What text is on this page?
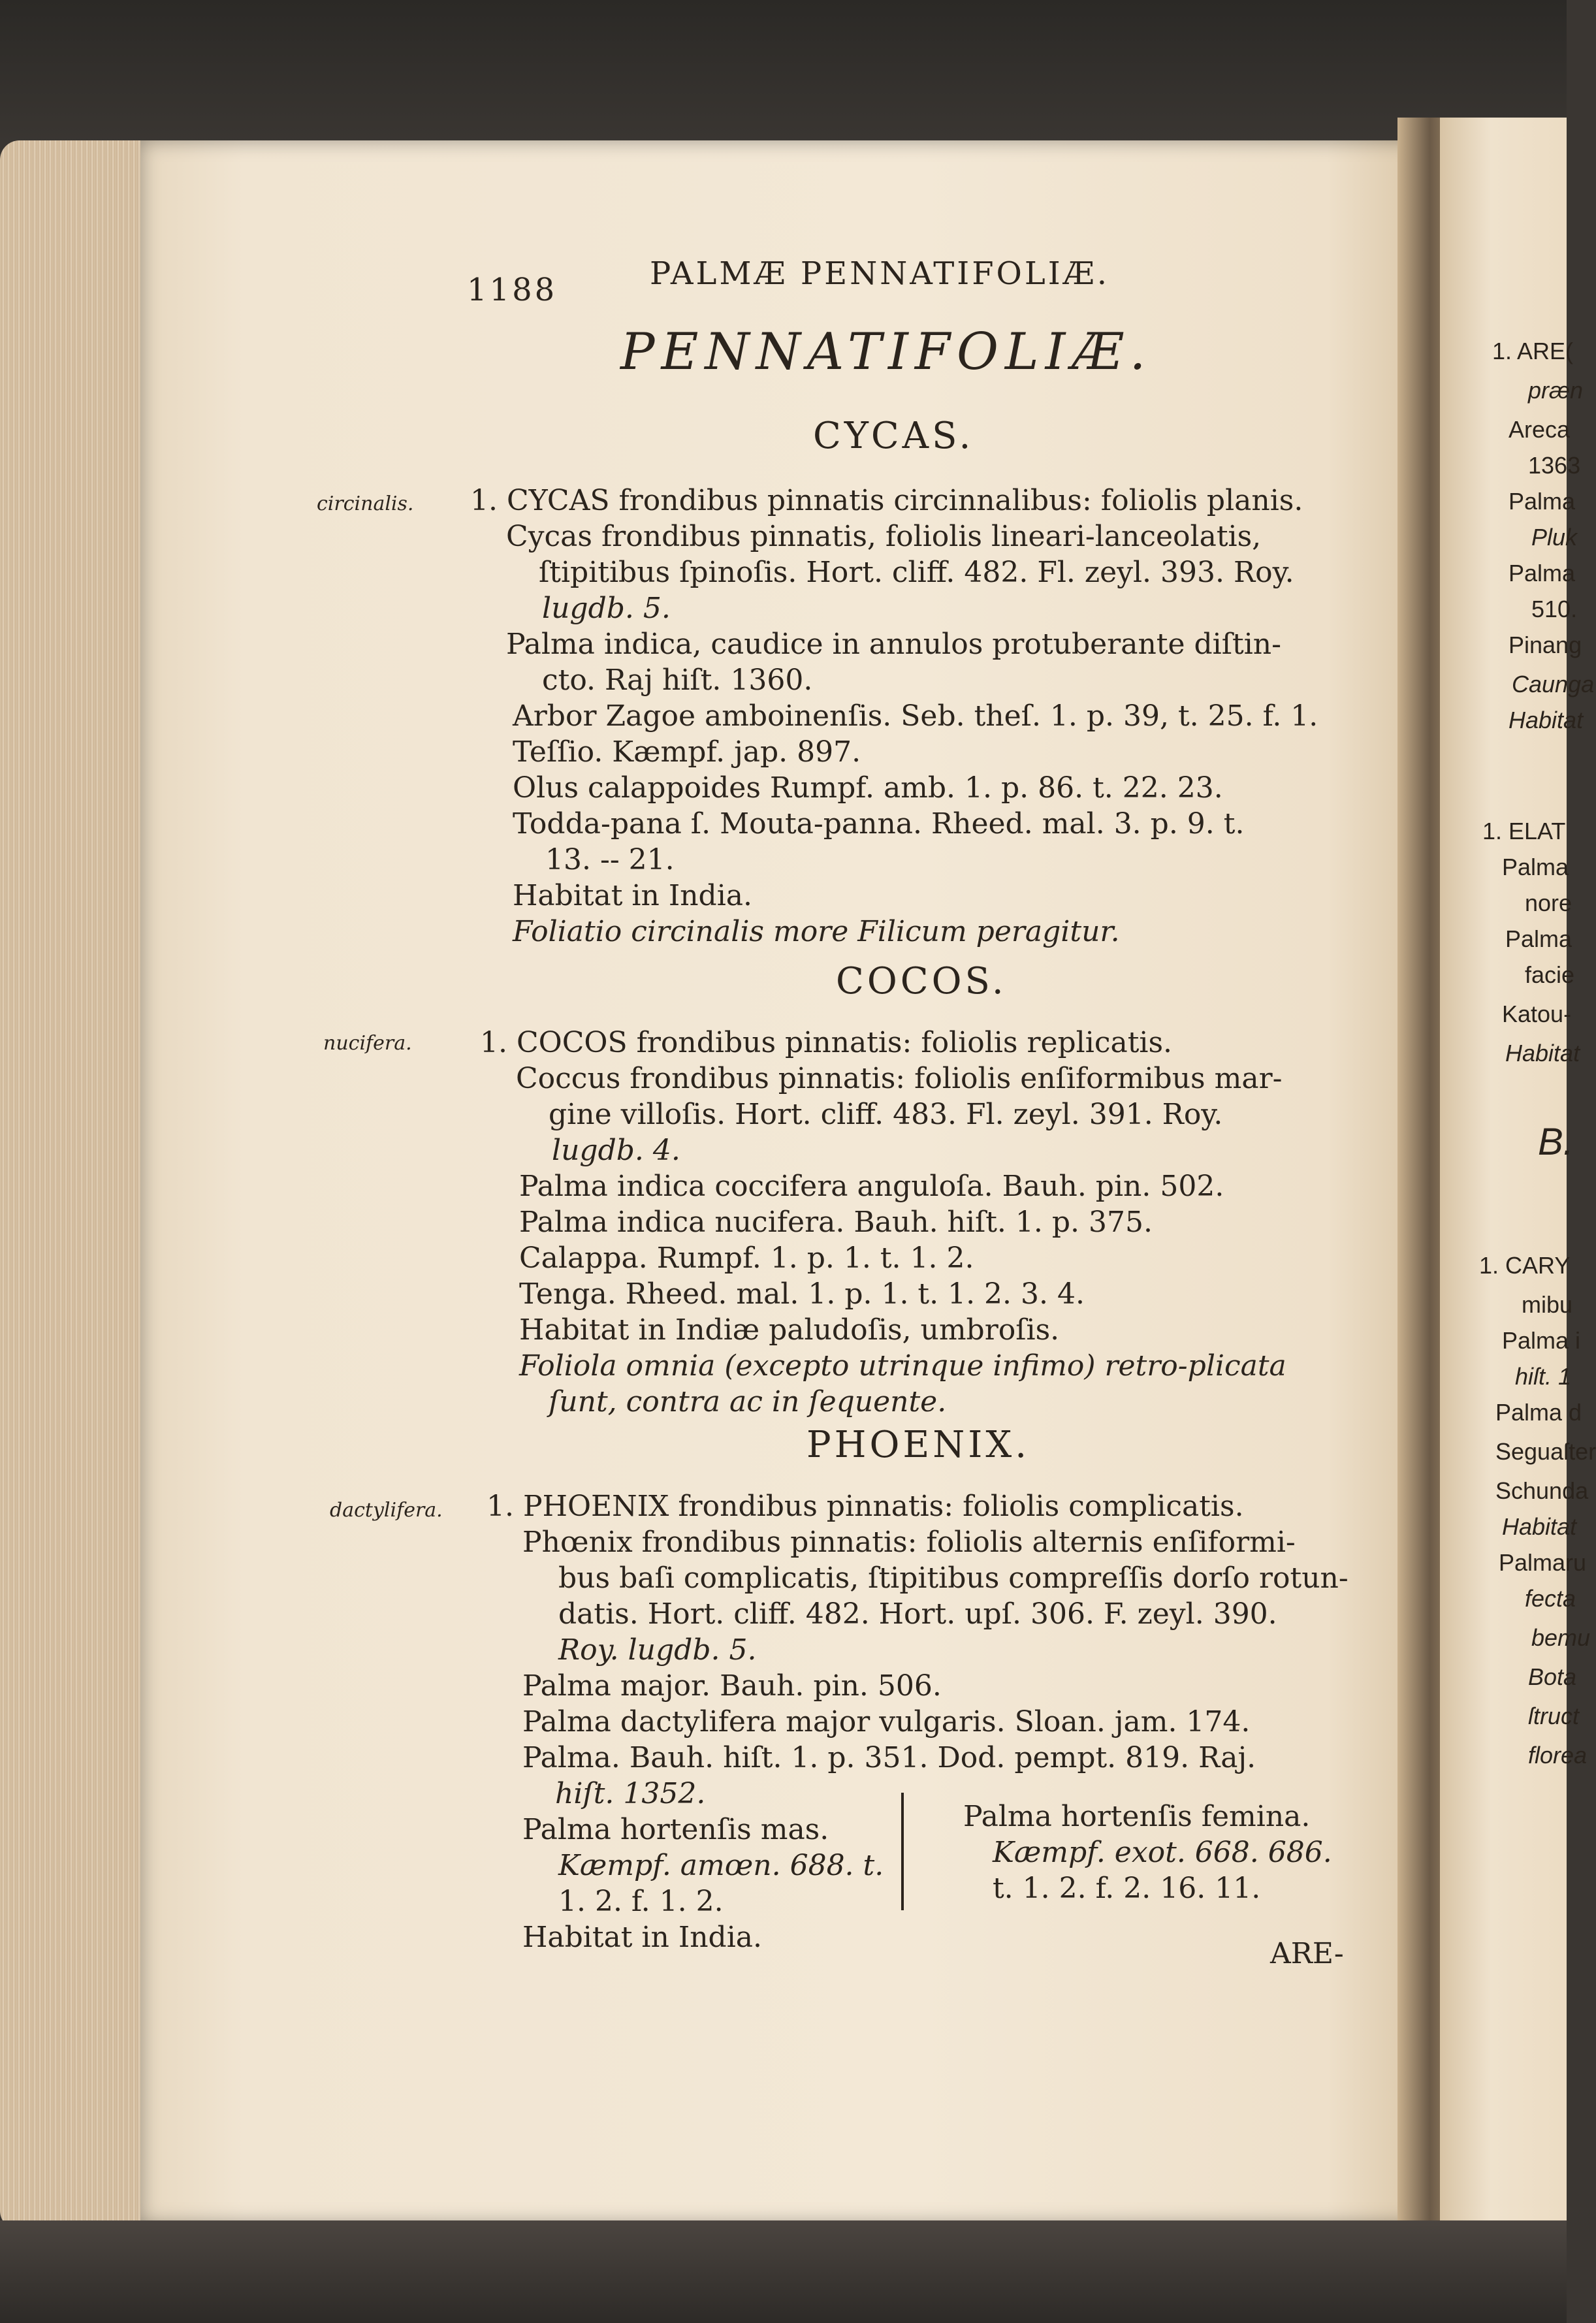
1188	PALMÆ PENNATIFOLIÆ.
PENNATIFOLIÆ.
CYCAS.
circinalis. 1. CYCAS frondibus pinnatis circinnalibus: foliolis planis.
Cycas frondibus pinnatis, foliolis lineari-lanceolatis,
ſtipitibus ſpinoſis. Hort. cliff. 482. Fl. zeyl. 393. Roy.
lugdb. 5.
Palma indica, caudice in annulos protuberante diſtin-
cto. Raj hiſt. 1360.
Arbor Zagoe amboinenſis. Seb. theſ. 1. p. 39, t. 25. f. 1.
Teſſio. Kæmpf. jap. 897.
Olus calappoides Rumpf. amb. 1. p. 86. t. 22. 23.
Todda-pana ſ. Mouta-panna. Rheed. mal. 3. p. 9. t.
13. -- 21.
Habitat in India.
Foliatio circinalis more Filicum peragitur.
COCOS.
nucifera. 1. COCOS frondibus pinnatis: foliolis replicatis.
Coccus frondibus pinnatis: foliolis enſiformibus mar-
gine villoſis. Hort. cliff. 483. Fl. zeyl. 391. Roy.
lugdb. 4.
Palma indica coccifera anguloſa. Bauh. pin. 502.
Palma indica nucifera. Bauh. hiſt. 1. p. 375.
Calappa. Rumpf. 1. p. 1. t. 1. 2.
Tenga. Rheed. mal. 1. p. 1. t. 1. 2. 3. 4.
Habitat in Indiæ paludoſis, umbroſis.
Foliola omnia (excepto utrinque infimo) retro-plicata
ſunt, contra ac in ſequente.
PHOENIX.
dactylifera. 1. PHOENIX frondibus pinnatis: foliolis complicatis.
Phœnix frondibus pinnatis: foliolis alternis enſiformi-
bus baſi complicatis, ſtipitibus compreſſis dorſo rotun-
datis. Hort. cliff. 482. Hort. upſ. 306. F. zeyl. 390.
Roy. lugdb. 5.
Palma major. Bauh. pin. 506.
Palma dactylifera major vulgaris. Sloan. jam. 174.
Palma. Bauh. hiſt. 1. p. 351. Dod. pempt. 819. Raj.
hiſt. 1352.
Palma hortenſis mas.
Kæmpf. amœn. 688. t.
1. 2. f. 1. 2.
Palma hortenſis femina.
Kæmpf. exot. 668. 686.
t. 1. 2. f. 2. 16. 11.
Habitat in India.	ARE-
1. ARE(
præn
Areca
1363
Palma
Pluk
Palma
510.
Pinang
Caunga
Habitat
1. ELAT
Palma
nore
Palma
facie
Katou-
Habitat
B.
1. CARY
mibu
Palma i
hiſt. 1
Palma d
Seguaſter
Schunda
Habitat
Palmaru
fecta
bemu
Bota
ſtruct
florea
